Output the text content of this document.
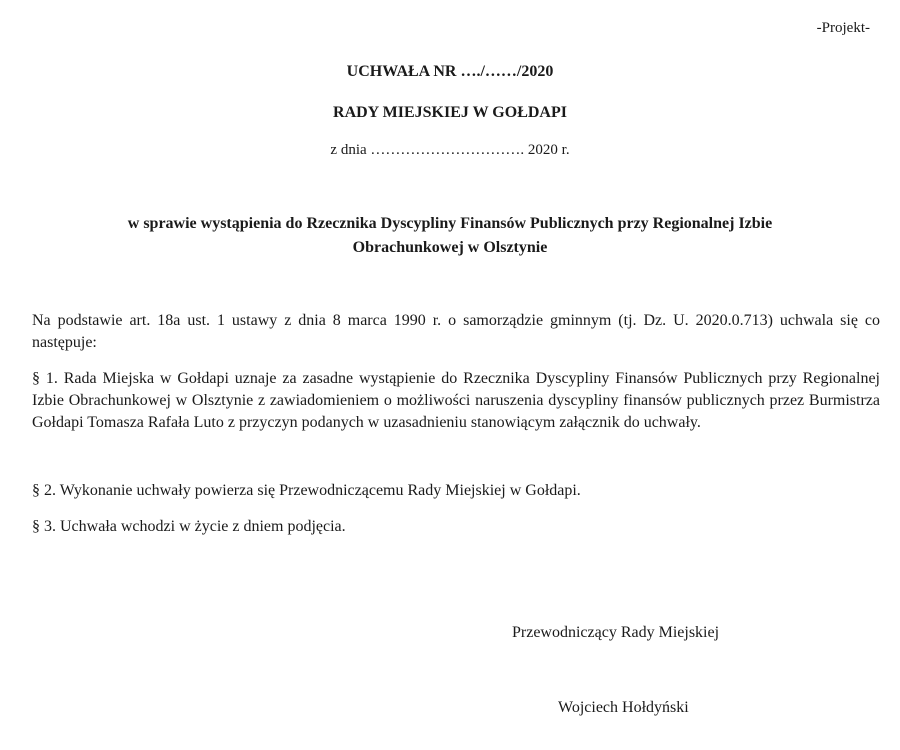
-Projekt-
UCHWAŁA NR …./……/2020
RADY MIEJSKIEJ W GOŁDAPI
z dnia …………………………. 2020 r.
w sprawie wystąpienia do Rzecznika Dyscypliny Finansów Publicznych przy Regionalnej Izbie
Obrachunkowej w Olsztynie
Na podstawie art. 18a ust. 1 ustawy z dnia 8 marca 1990 r. o samorządzie gminnym (tj. Dz. U. 2020.0.713) uchwala się co następuje:
§ 1. Rada Miejska w Gołdapi uznaje za zasadne wystąpienie do Rzecznika Dyscypliny Finansów Publicznych przy Regionalnej Izbie Obrachunkowej w Olsztynie z zawiadomieniem o możliwości naruszenia dyscypliny finansów publicznych przez Burmistrza Gołdapi Tomasza Rafała Luto z przyczyn podanych w uzasadnieniu stanowiącym załącznik do uchwały.
§ 2. Wykonanie uchwały powierza się Przewodniczącemu Rady Miejskiej w Gołdapi.
§ 3. Uchwała wchodzi w życie z dniem podjęcia.
Przewodniczący Rady Miejskiej
Wojciech Hołdyński
